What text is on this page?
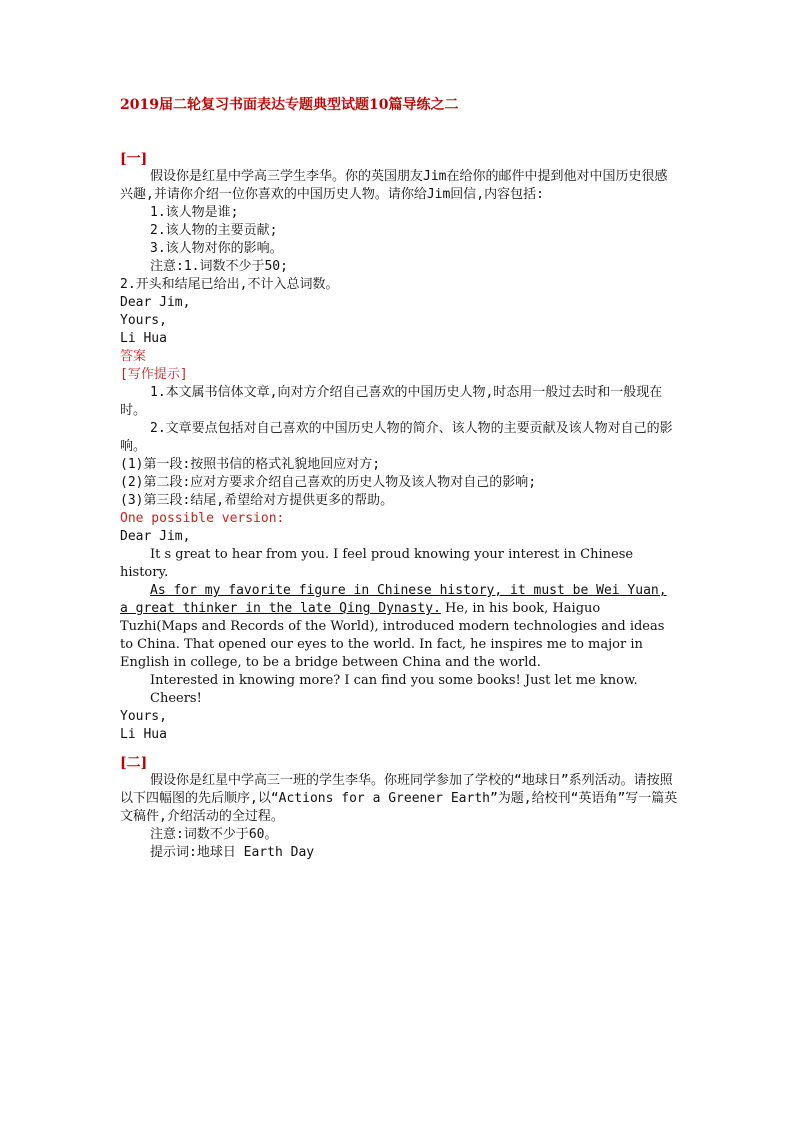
2019届二轮复习书面表达专题典型试题10篇导练之二

[一]

假设你是红星中学高三学生李华。你的英国朋友Jim在给你的邮件中提到他对中国历史很感兴趣,并请你介绍一位你喜欢的中国历史人物。请你给Jim回信,内容包括:

1.该人物是谁;

2.该人物的主要贡献;

3.该人物对你的影响。

注意:1.词数不少于50;

2.开头和结尾已给出,不计入总词数。

Dear Jim,

Yours,

Li Hua

答案

[写作提示]

1.本文属书信体文章,向对方介绍自己喜欢的中国历史人物,时态用一般过去时和一般现在时。

2.文章要点包括对自己喜欢的中国历史人物的简介、该人物的主要贡献及该人物对自己的影响。

(1)第一段:按照书信的格式礼貌地回应对方;

(2)第二段:应对方要求介绍自己喜欢的历史人物及该人物对自己的影响;

(3)第三段:结尾,希望给对方提供更多的帮助。

One possible version:

Dear Jim,

It s great to hear from you. I feel proud knowing your interest in Chinese history.

As for my favorite figure in Chinese history, it must be Wei Yuan, a great thinker in the late Qing Dynasty. He, in his book, Haiguo Tuzhi(Maps and Records of the World), introduced modern technologies and ideas to China. That opened our eyes to the world. In fact, he inspires me to major in English in college, to be a bridge between China and the world.

Interested in knowing more? I can find you some books! Just let me know.

Cheers!

Yours,

Li Hua

[二]

假设你是红星中学高三一班的学生李华。你班同学参加了学校的“地球日”系列活动。请按照以下四幅图的先后顺序,以“Actions for a Greener Earth”为题,给校刊“英语角”写一篇英文稿件,介绍活动的全过程。

注意:词数不少于60。

提示词:地球日 Earth Day
